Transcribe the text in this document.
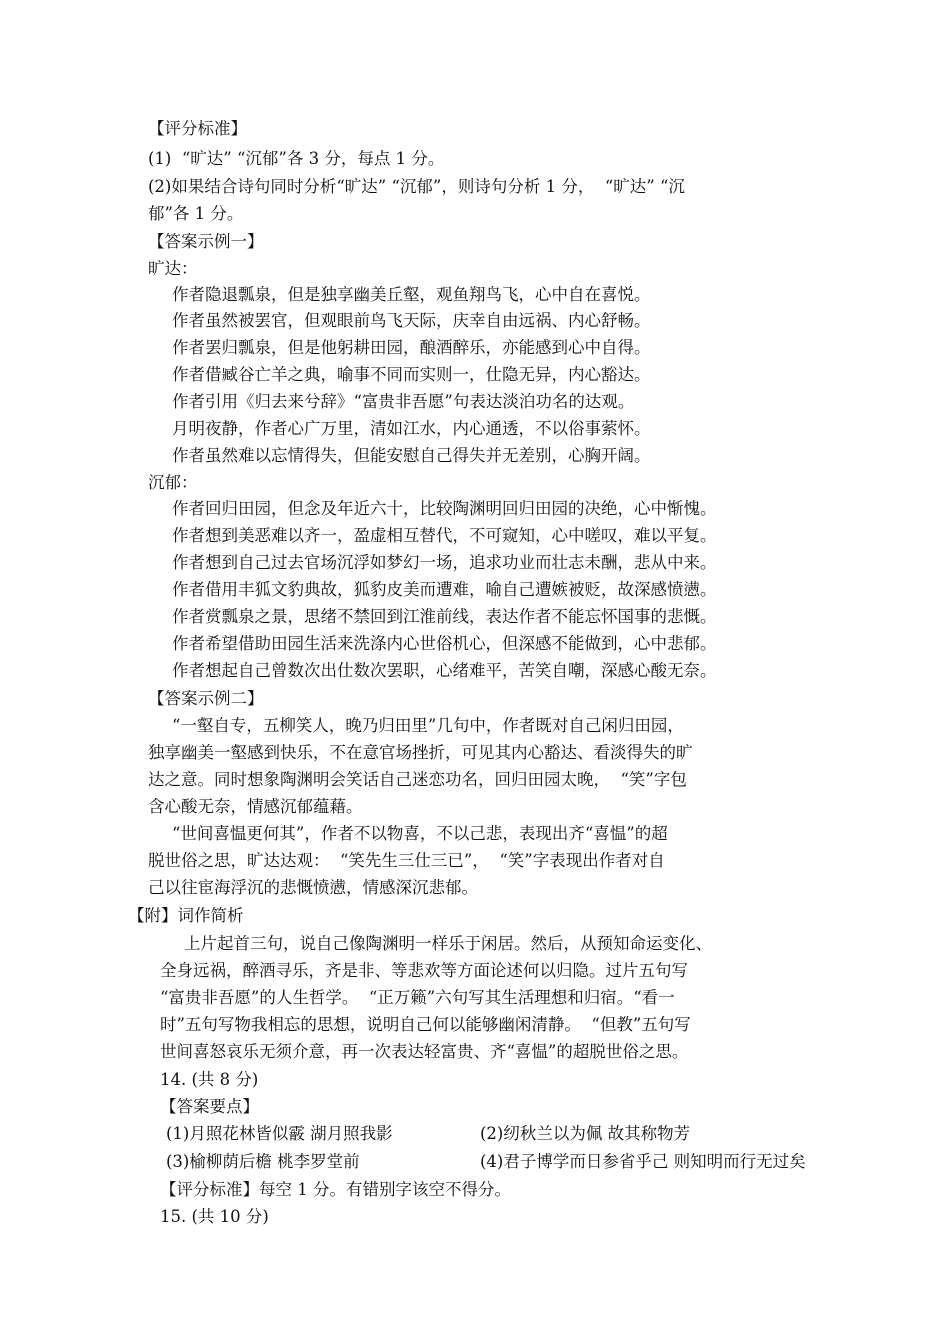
【评分标准】
(1)  “旷达” “沉郁”各 3 分，每点 1 分。
(2)如果结合诗句同时分析“旷达” “沉郁”，则诗句分析 1 分，  “旷达” “沉
郁”各 1 分。
【答案示例一】
旷达：
作者隐退瓢泉，但是独享幽美丘壑，观鱼翔鸟飞，心中自在喜悦。
作者虽然被罢官，但观眼前鸟飞天际，庆幸自由远祸、内心舒畅。
作者罢归瓢泉，但是他躬耕田园，酿酒醉乐，亦能感到心中自得。
作者借臧谷亡羊之典，喻事不同而实则一，仕隐无异，内心豁达。
作者引用《归去来兮辞》“富贵非吾愿”句表达淡泊功名的达观。
月明夜静，作者心广万里，清如江水，内心通透，不以俗事萦怀。
作者虽然难以忘情得失，但能安慰自己得失并无差别，心胸开阔。
沉郁：
作者回归田园，但念及年近六十，比较陶渊明回归田园的决绝，心中惭愧。
作者想到美恶难以齐一，盈虚相互替代，不可窥知，心中嗟叹，难以平复。
作者想到自己过去官场沉浮如梦幻一场，追求功业而壮志未酬，悲从中来。
作者借用丰狐文豹典故，狐豹皮美而遭难，喻自己遭嫉被贬，故深感愤懑。
作者赏瓢泉之景，思绪不禁回到江淮前线，表达作者不能忘怀国事的悲慨。
作者希望借助田园生活来洗涤内心世俗机心，但深感不能做到，心中悲郁。
作者想起自己曾数次出仕数次罢职，心绪难平，苦笑自嘲，深感心酸无奈。
【答案示例二】
“一壑自专，五柳笑人，晚乃归田里”几句中，作者既对自己闲归田园，
独享幽美一壑感到快乐，不在意官场挫折，可见其内心豁达、看淡得失的旷
达之意。同时想象陶渊明会笑话自己迷恋功名，回归田园太晚，  “笑”字包
含心酸无奈，情感沉郁蕴藉。
“世间喜愠更何其”，作者不以物喜，不以己悲，表现出齐“喜愠”的超
脱世俗之思，旷达达观：  “笑先生三仕三已”，  “笑”字表现出作者对自
己以往宦海浮沉的悲慨愤懑，情感深沉悲郁。
【附】词作简析
上片起首三句，说自己像陶渊明一样乐于闲居。然后，从预知命运变化、
全身远祸，醉酒寻乐，齐是非、等悲欢等方面论述何以归隐。过片五句写
“富贵非吾愿”的人生哲学。  “正万籁”六句写其生活理想和归宿。“看一
时”五句写物我相忘的思想，说明自己何以能够幽闲清静。  “但教”五句写
世间喜怒哀乐无须介意，再一次表达轻富贵、齐“喜愠”的超脱世俗之思。
14. (共 8 分)
【答案要点】
(1)月照花林皆似霰 湖月照我影	(2)纫秋兰以为佩 故其称物芳
(3)榆柳荫后檐 桃李罗堂前	(4)君子博学而日参省乎己 则知明而行无过矣
【评分标准】每空 1 分。有错别字该空不得分。
15. (共 10 分)
